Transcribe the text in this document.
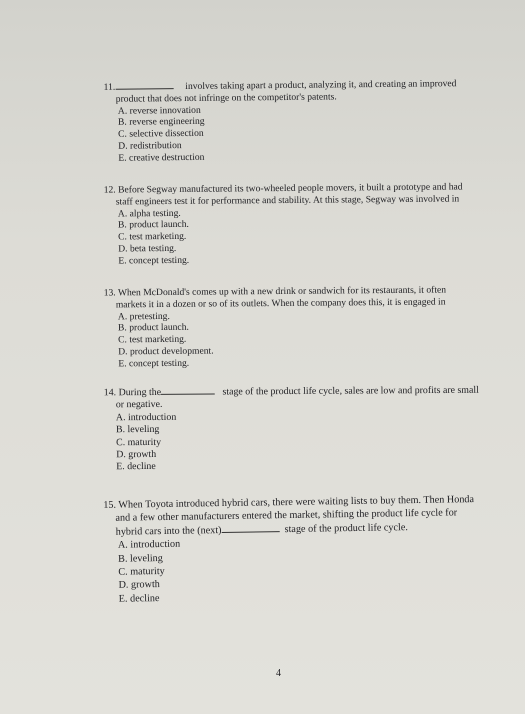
11.	involves taking apart a product, analyzing it, and creating an improved

product that does not infringe on the competitor's patents.

A. reverse innovation
B. reverse engineering
C. selective dissection
D. redistribution
E. creative destruction

12. Before Segway manufactured its two-wheeled people movers, it built a prototype and had

staff engineers test it for performance and stability. At this stage, Segway was involved in

A. alpha testing.
B. product launch.
C. test marketing.
D. beta testing.
E. concept testing.

13. When McDonald's comes up with a new drink or sandwich for its restaurants, it often

markets it in a dozen or so of its outlets. When the company does this, it is engaged in

A. pretesting.
B. product launch.
C. test marketing.
D. product development.
E. concept testing.

14. During the	stage of the product life cycle, sales are low and profits are small

or negative.

A. introduction
B. leveling
C. maturity
D. growth
E. decline

15. When Toyota introduced hybrid cars, there were waiting lists to buy them. Then Honda

and a few other manufacturers entered the market, shifting the product life cycle for

hybrid cars into the (next)	stage of the product life cycle.

A. introduction
B. leveling
C. maturity
D. growth
E. decline
4
